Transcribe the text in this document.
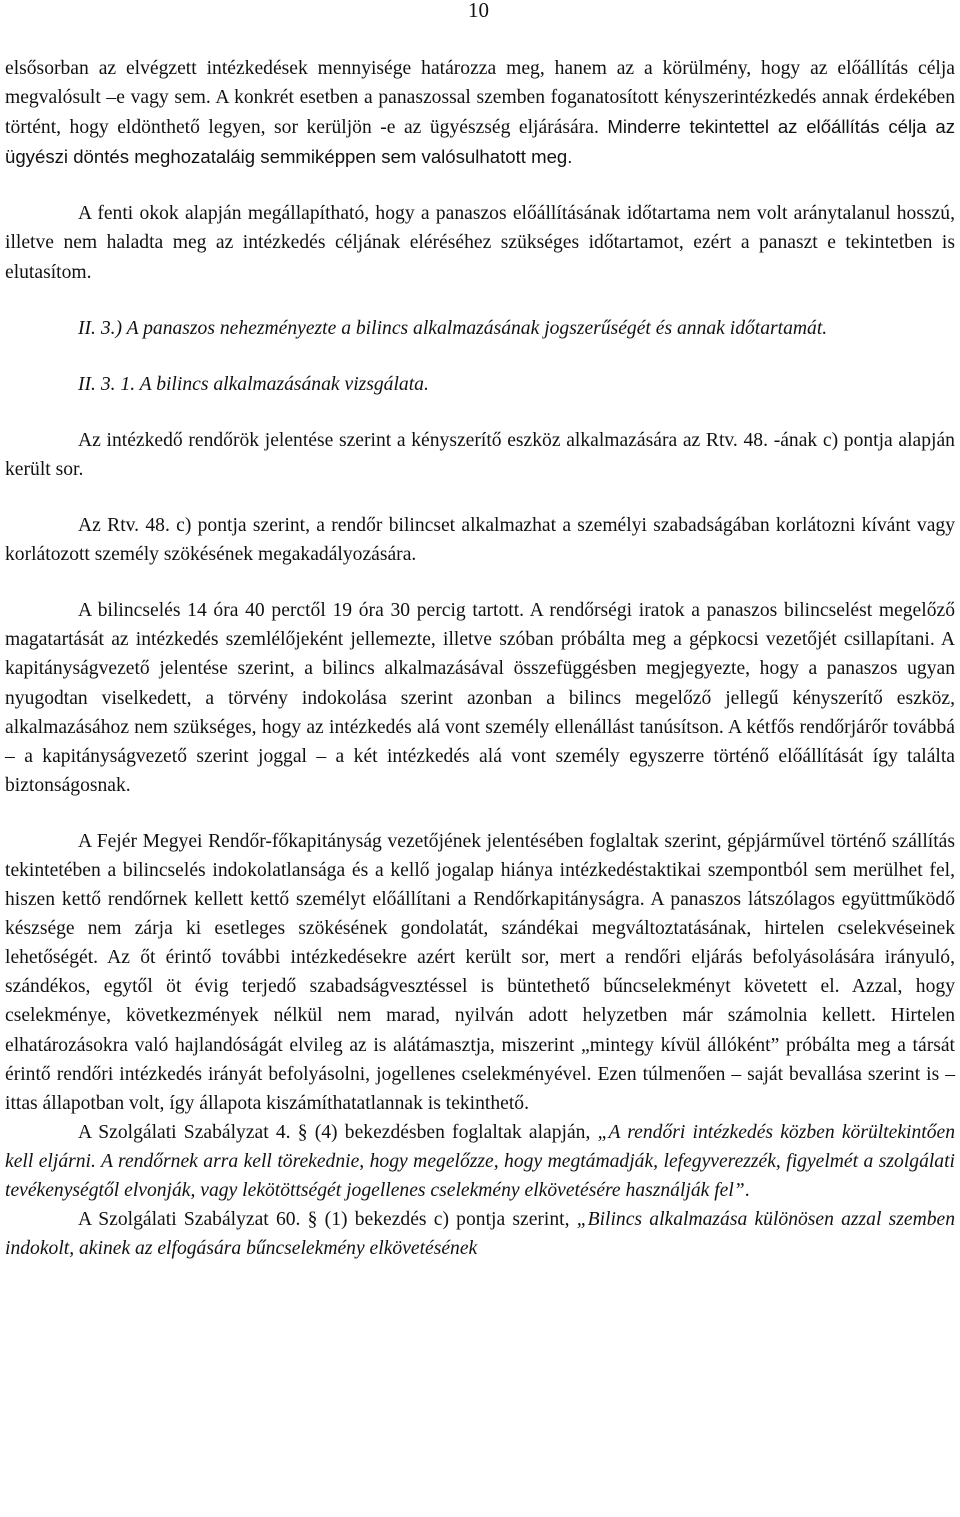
10

elsősorban az elvégzett intézkedések mennyisége határozza meg, hanem az a körülmény, hogy az előállítás célja megvalósult –e vagy sem. A konkrét esetben a panaszossal szemben foganatosított kényszerintézkedés annak érdekében történt, hogy eldönthető legyen, sor kerüljön -e az ügyészség eljárására. Minderre tekintettel az előállítás célja az ügyészi döntés meghozataláig semmiképpen sem valósulhatott meg.

A fenti okok alapján megállapítható, hogy a panaszos előállításának időtartama nem volt aránytalanul hosszú, illetve nem haladta meg az intézkedés céljának eléréséhez szükséges időtartamot, ezért a panaszt e tekintetben is elutasítom.

II. 3.) A panaszos nehezményezte a bilincs alkalmazásának jogszerűségét és annak időtartamát.

II. 3. 1. A bilincs alkalmazásának vizsgálata.

Az intézkedő rendőrök jelentése szerint a kényszerítő eszköz alkalmazására az Rtv. 48. -ának c) pontja alapján került sor.

Az Rtv. 48. c) pontja szerint, a rendőr bilincset alkalmazhat a személyi szabadságában korlátozni kívánt vagy korlátozott személy szökésének megakadályozására.

A bilincselés 14 óra 40 perctől 19 óra 30 percig tartott. A rendőrségi iratok a panaszos bilincselést megelőző magatartását az intézkedés szemlélőjeként jellemezte, illetve szóban próbálta meg a gépkocsi vezetőjét csillapítani. A kapitányságvezető jelentése szerint, a bilincs alkalmazásával összefüggésben megjegyezte, hogy a panaszos ugyan nyugodtan viselkedett, a törvény indokolása szerint azonban a bilincs megelőző jellegű kényszerítő eszköz, alkalmazásához nem szükséges, hogy az intézkedés alá vont személy ellenállást tanúsítson. A kétfős rendőrjárőr továbbá – a kapitányságvezető szerint joggal – a két intézkedés alá vont személy egyszerre történő előállítását így találta biztonságosnak.

A Fejér Megyei Rendőr-főkapitányság vezetőjének jelentésében foglaltak szerint, gépjárművel történő szállítás tekintetében a bilincselés indokolatlansága és a kellő jogalap hiánya intézkedéstaktikai szempontból sem merülhet fel, hiszen kettő rendőrnek kellett kettő személyt előállítani a Rendőrkapitányságra. A panaszos látszólagos együttműködő készsége nem zárja ki esetleges szökésének gondolatát, szándékai megváltoztatásának, hirtelen cselekvéseinek lehetőségét. Az őt érintő további intézkedésekre azért került sor, mert a rendőri eljárás befolyásolására irányuló, szándékos, egytől öt évig terjedő szabadságvesztéssel is büntethető bűncselekményt követett el. Azzal, hogy cselekménye, következmények nélkül nem marad, nyilván adott helyzetben már számolnia kellett. Hirtelen elhatározásokra való hajlandóságát elvileg az is alátámasztja, miszerint „mintegy kívül állóként” próbálta meg a társát érintő rendőri intézkedés irányát befolyásolni, jogellenes cselekményével. Ezen túlmenően – saját bevallása szerint is – ittas állapotban volt, így állapota kiszámíthatatlannak is tekinthető.

A Szolgálati Szabályzat 4. § (4) bekezdésben foglaltak alapján, „A rendőri intézkedés közben körültekintően kell eljárni. A rendőrnek arra kell törekednie, hogy megelőzze, hogy megtámadják, lefegyverezzék, figyelmét a szolgálati tevékenységtől elvonják, vagy lekötöttségét jogellenes cselekmény elkövetésére használják fel”.

A Szolgálati Szabályzat 60. § (1) bekezdés c) pontja szerint, „Bilincs alkalmazása különösen azzal szemben indokolt, akinek az elfogására bűncselekmény elkövetésének
